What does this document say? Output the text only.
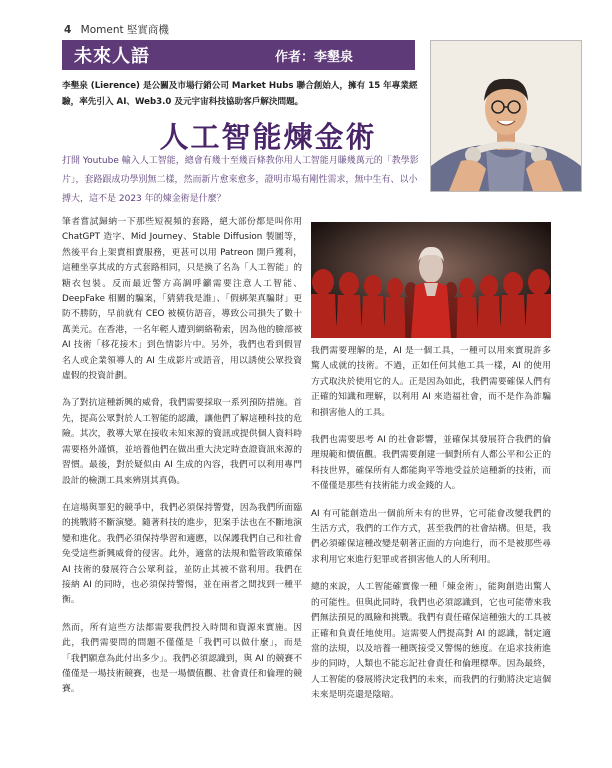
4 Moment 堅實商機
未來人語	作者：李墾泉
李墾泉 (Lierence) 是公關及市場行銷公司 Market Hubs 聯合創始人，擁有 15 年專業經驗，率先引入 AI、Web3.0 及元宇宙科技協助客戶解決問題。
人工智能煉金術
打開 Youtube 輸入人工智能，總會有幾十至幾百條教你用人工智能月賺幾萬元的「教學影片」，套路跟成功學別無二樣，然而新片愈來愈多，證明市場有剛性需求，無中生有、以小搏大，這不是 2023 年的煉金術是什麼？

筆者嘗試歸納一下那些短視頻的套路，絕大部份都是叫你用 ChatGPT 造字、Mid Journey、Stable Diffusion 製圖等，然後平台上架賣相賣服務，更甚可以用 Patreon 開戶獲利，這種坐享其成的方式套路相同，只是換了名為「人工智能」的糖衣包裝。反而最近警方高調呼籲需要注意人工智能、DeepFake 相關的騙案，「猜猜我是誰」、「假綁架真騙財」更防不勝防，早前就有 CEO 被模仿語音，導致公司損失了數十萬美元。在香港，一名年輕人遭到網絡勒索，因為他的臉部被 AI 技術「移花接木」到色情影片中。另外，我們也看到假冒名人或企業領導人的 AI 生成影片或語音，用以誘使公眾投資虛假的投資計劃。

為了對抗這種新興的威脅，我們需要採取一系列預防措施。首先，提高公眾對於人工智能的認識，讓他們了解這種科技的危險。其次，教導大眾在接收未知來源的資訊或提供個人資料時需要格外謹慎，並培養他們在做出重大決定時查證資訊來源的習慣。最後，對於疑似由 AI 生成的內容，我們可以利用專門設計的檢測工具來辨別其真偽。

在這場與罪犯的競爭中，我們必須保持警覺，因為我們所面臨的挑戰將不斷演變。隨著科技的進步，犯案手法也在不斷地演變和進化。我們必須保持學習和適應，以保護我們自己和社會免受這些新興威脅的侵害。此外，適當的法規和監管政策確保 AI 技術的發展符合公眾利益，並防止其被不當利用。我們在接納 AI 的同時，也必須保持警惕，並在兩者之間找到一種平衡。

然而，所有這些方法都需要我們投入時間和資源來實施。因此，我們需要問的問題不僅僅是「我們可以做什麼」，而是「我們願意為此付出多少」。我們必須認識到，與 AI 的競賽不僅僅是一場技術競賽，也是一場價值觀、社會責任和倫理的競賽。

我們需要理解的是，AI 是一個工具，一種可以用來實現許多驚人成就的技術。不過，正如任何其他工具一樣，AI 的使用方式取決於使用它的人。正是因為如此，我們需要確保人們有正確的知識和理解，以利用 AI 來造福社會，而不是作為詐騙和損害他人的工具。

我們也需要思考 AI 的社會影響，並確保其發展符合我們的倫理規範和價值觀。我們需要創建一個對所有人都公平和公正的科技世界，確保所有人都能夠平等地受益於這種新的技術，而不僅僅是那些有技術能力或金錢的人。

AI 有可能創造出一個前所未有的世界，它可能會改變我們的生活方式，我們的工作方式，甚至我們的社會結構。但是，我們必須確保這種改變是朝著正面的方向進行，而不是被那些尋求利用它來進行犯罪或者損害他人的人所利用。

總的來說，人工智能確實像一種「煉金術」，能夠創造出驚人的可能性。但與此同時，我們也必須認識到，它也可能帶來我們無法預見的風險和挑戰。我們有責任確保這種強大的工具被正確和負責任地使用。這需要人們提高對 AI 的認識，制定適當的法規，以及培養一種既接受又警惕的態度。在追求技術進步的同時，人類也不能忘記社會責任和倫理標準。因為最終，人工智能的發展將決定我們的未來，而我們的行動將決定這個未來是明亮還是陰暗。
